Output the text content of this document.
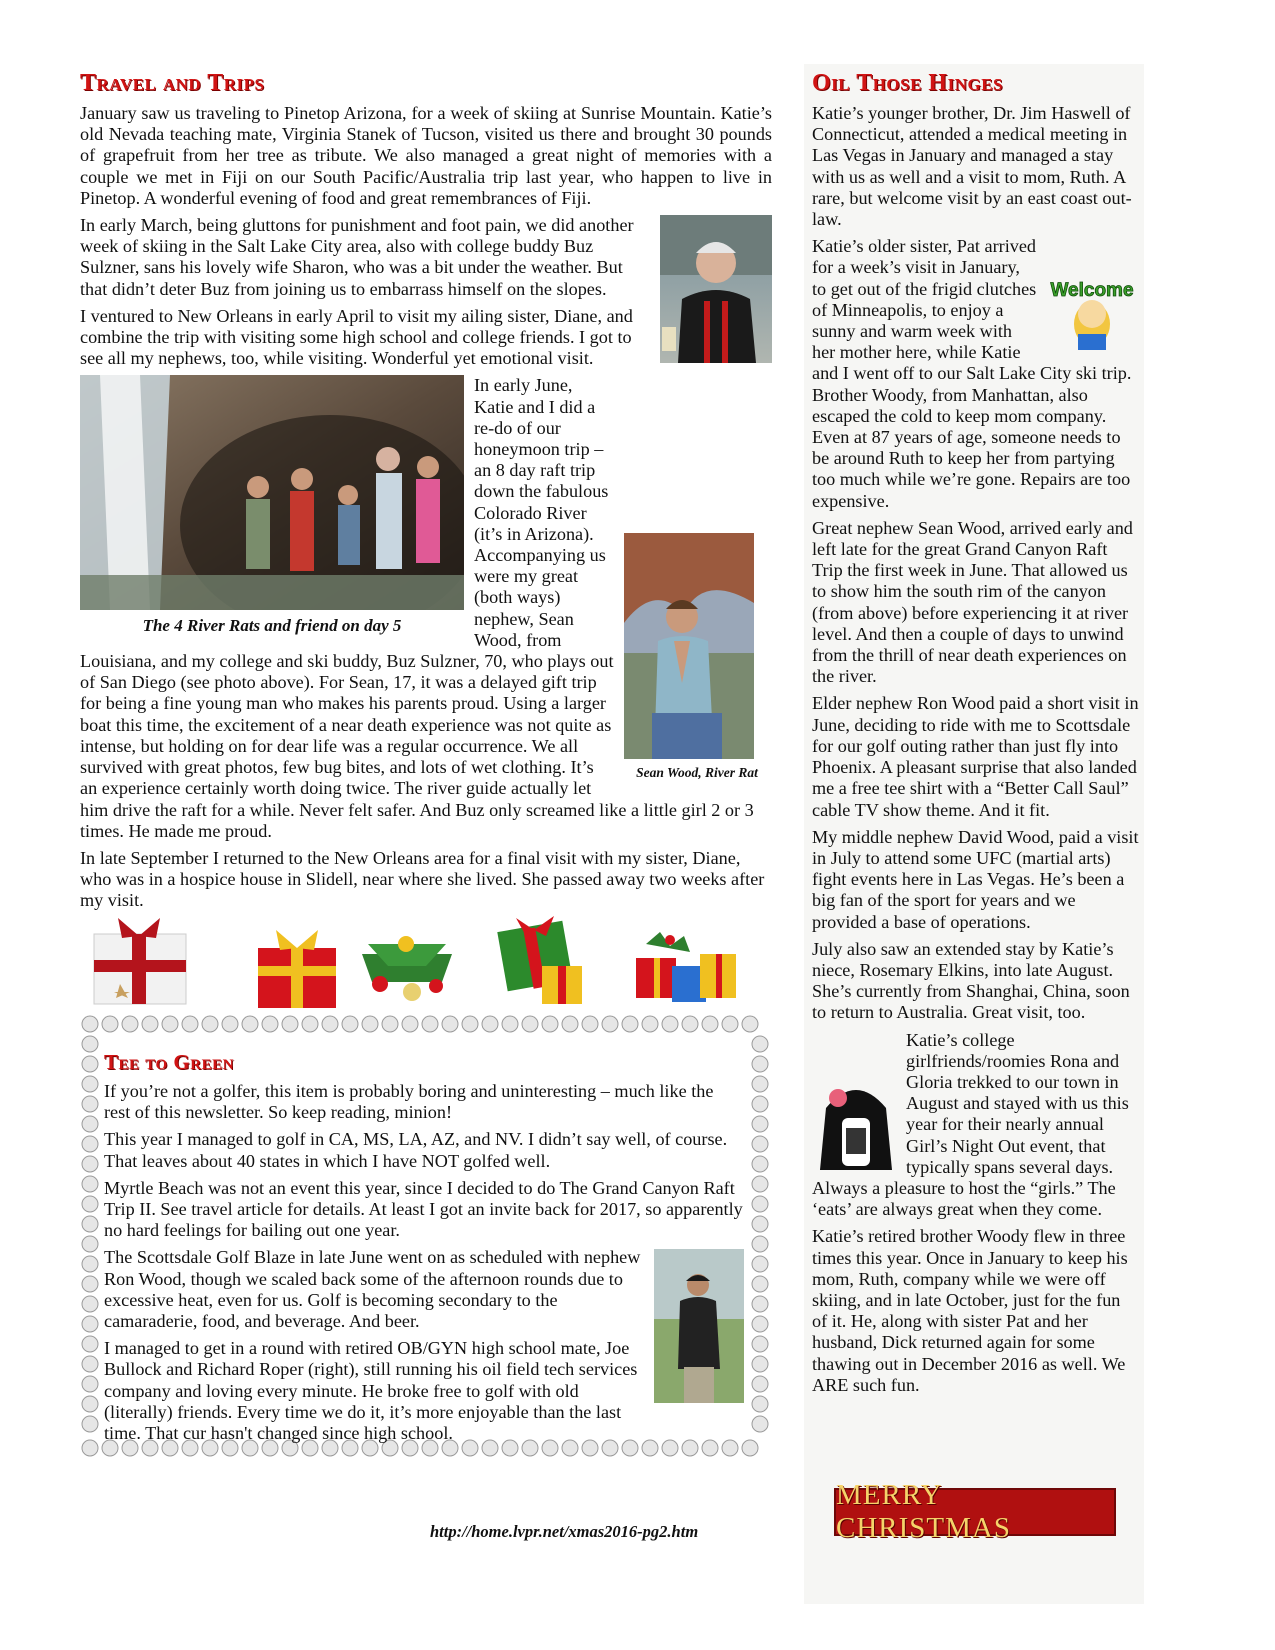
Travel and Trips

January saw us traveling to Pinetop Arizona, for a week of skiing at Sunrise Mountain. Katie’s old Nevada teaching mate, Virginia Stanek of Tucson, visited us there and brought 30 pounds of grapefruit from her tree as tribute. We also managed a great night of memories with a couple we met in Fiji on our South Pacific/Australia trip last year, who happen to live in Pinetop. A wonderful evening of food and great remembrances of Fiji.

In early March, being gluttons for punishment and foot pain, we did another week of skiing in the Salt Lake City area, also with college buddy Buz Sulzner, sans his lovely wife Sharon, who was a bit under the weather. But that didn’t deter Buz from joining us to embarrass himself on the slopes.

I ventured to New Orleans in early April to visit my ailing sister, Diane, and combine the trip with visiting some high school and college friends. I got to see all my nephews, too, while visiting. Wonderful yet emotional visit.

The 4 River Rats and friend on day 5
Sean Wood, River Rat

In early June, Katie and I did a re-do of our honeymoon trip – an 8 day raft trip down the fabulous Colorado River (it’s in Arizona). Accompanying us were my great (both ways) nephew, Sean Wood, from Louisiana, and my college and ski buddy, Buz Sulzner, 70, who plays out of San Diego (see photo above). For Sean, 17, it was a delayed gift trip for being a fine young man who makes his parents proud. Using a larger boat this time, the excitement of a near death experience was not quite as intense, but holding on for dear life was a regular occurrence. We all survived with great photos, few bug bites, and lots of wet clothing. It’s an experience certainly worth doing twice. The river guide actually let him drive the raft for a while. Never felt safer. And Buz only screamed like a little girl 2 or 3 times. He made me proud.

In late September I returned to the New Orleans area for a final visit with my sister, Diane, who was in a hospice house in Slidell, near where she lived. She passed away two weeks after my visit.

Tee to Green

If you’re not a golfer, this item is probably boring and uninteresting – much like the rest of this newsletter. So keep reading, minion!

This year I managed to golf in CA, MS, LA, AZ, and NV. I didn’t say well, of course. That leaves about 40 states in which I have NOT golfed well.

Myrtle Beach was not an event this year, since I decided to do The Grand Canyon Raft Trip II. See travel article for details. At least I got an invite back for 2017, so apparently no hard feelings for bailing out one year.

The Scottsdale Golf Blaze in late June went on as scheduled with nephew Ron Wood, though we scaled back some of the afternoon rounds due to excessive heat, even for us. Golf is becoming secondary to the camaraderie, food, and beverage. And beer.

I managed to get in a round with retired OB/GYN high school mate, Joe Bullock and Richard Roper (right), still running his oil field tech services company and loving every minute. He broke free to golf with old (literally) friends. Every time we do it, it’s more enjoyable than the last time. That cur hasn't changed since high school.

http://home.lvpr.net/xmas2016-pg2.htm
Oil Those Hinges

Katie’s younger brother, Dr. Jim Haswell of Connecticut, attended a medical meeting in Las Vegas in January and managed a stay with us as well and a visit to mom, Ruth. A rare, but welcome visit by an east coast out-law.

Welcome

Katie’s older sister, Pat arrived for a week’s visit in January, to get out of the frigid clutches of Minneapolis, to enjoy a sunny and warm week with her mother here, while Katie and I went off to our Salt Lake City ski trip. Brother Woody, from Manhattan, also escaped the cold to keep mom company. Even at 87 years of age, someone needs to be around Ruth to keep her from partying too much while we’re gone. Repairs are too expensive.

Great nephew Sean Wood, arrived early and left late for the great Grand Canyon Raft Trip the first week in June. That allowed us to show him the south rim of the canyon (from above) before experiencing it at river level. And then a couple of days to unwind from the thrill of near death experiences on the river.

Elder nephew Ron Wood paid a short visit in June, deciding to ride with me to Scottsdale for our golf outing rather than just fly into Phoenix. A pleasant surprise that also landed me a free tee shirt with a “Better Call Saul” cable TV show theme. And it fit.

My middle nephew David Wood, paid a visit in July to attend some UFC (martial arts) fight events here in Las Vegas. He’s been a big fan of the sport for years and we provided a base of operations.

July also saw an extended stay by Katie’s niece, Rosemary Elkins, into late August. She’s currently from Shanghai, China, soon to return to Australia. Great visit, too.

Katie’s college girlfriends/roomies Rona and Gloria trekked to our town in August and stayed with us this year for their nearly annual Girl’s Night Out event, that typically spans several days. Always a pleasure to host the “girls.” The ‘eats’ are always great when they come.

Katie’s retired brother Woody flew in three times this year. Once in January to keep his mom, Ruth, company while we were off skiing, and in late October, just for the fun of it. He, along with sister Pat and her husband, Dick returned again for some thawing out in December 2016 as well. We ARE such fun.

MERRY CHRISTMAS
